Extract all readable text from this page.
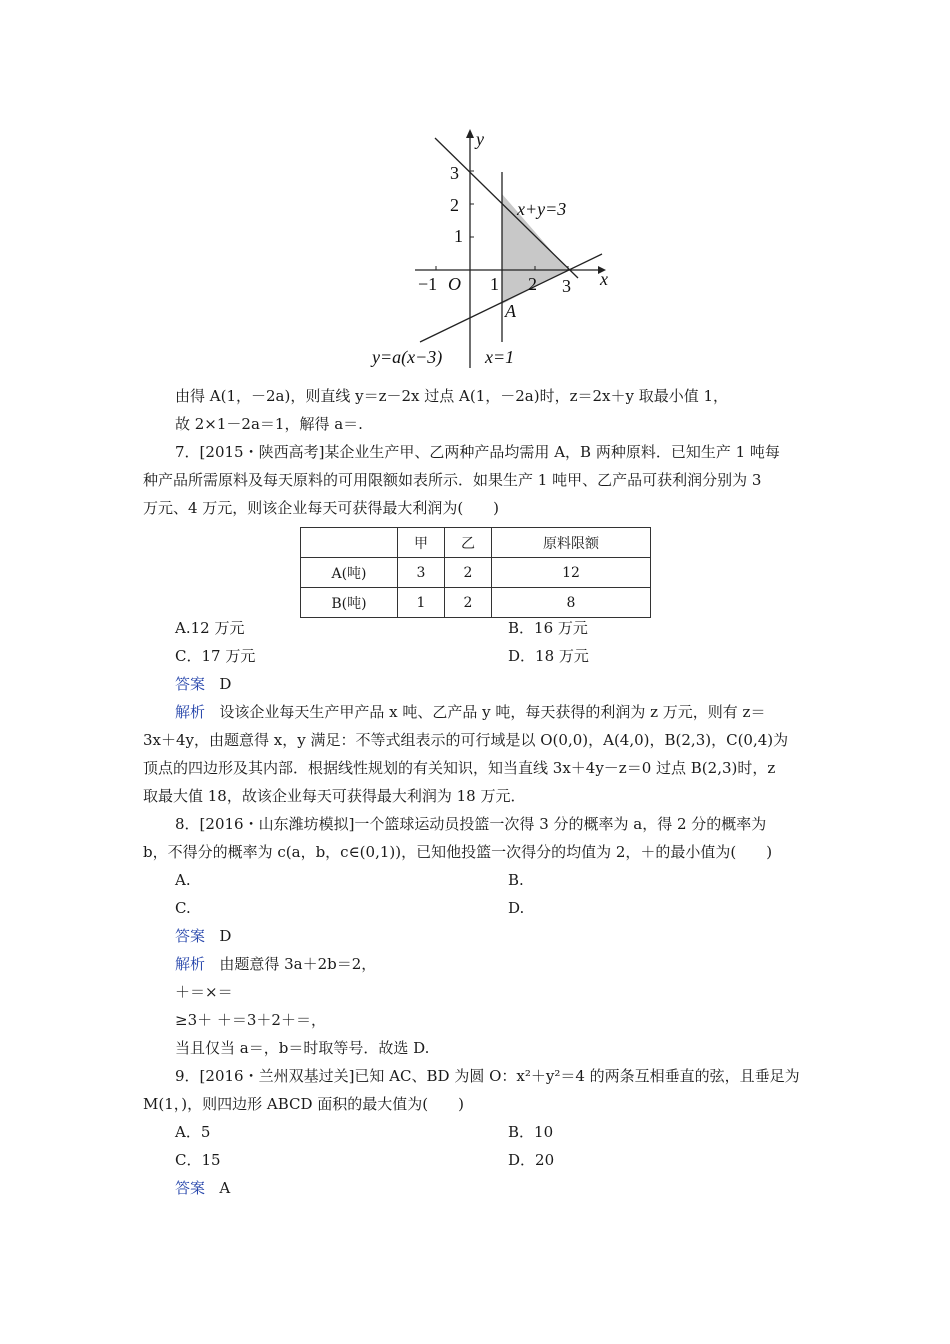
y
x
O
−1	1 2 3
1
2
3
x+y=3
A
y=a(x−3) x=1
由得 A(1，－2a)，则直线 y＝z－2x 过点 A(1，－2a)时，z＝2x＋y 取最小值 1，
故 2×1－2a＝1，解得 a＝.
7．[2015・陕西高考]某企业生产甲、乙两种产品均需用 A，B 两种原料．已知生产 1 吨每
种产品所需原料及每天原料的可用限额如表所示．如果生产 1 吨甲、乙产品可获利润分别为 3
万元、4 万元，则该企业每天可获得最大利润为(　　)
	甲	乙	原料限额
A(吨)	3	2	12
B(吨)	1	2	8
A.12 万元	B．16 万元
C．17 万元	D．18 万元
答案 D
解析 设该企业每天生产甲产品 x 吨、乙产品 y 吨，每天获得的利润为 z 万元，则有 z＝
3x＋4y，由题意得 x，y 满足：不等式组表示的可行域是以 O(0,0)，A(4,0)，B(2,3)，C(0,4)为
顶点的四边形及其内部．根据线性规划的有关知识，知当直线 3x＋4y－z＝0 过点 B(2,3)时，z
取最大值 18，故该企业每天可获得最大利润为 18 万元．
8．[2016・山东潍坊模拟]一个篮球运动员投篮一次得 3 分的概率为 a，得 2 分的概率为
b，不得分的概率为 c(a，b，c∈(0,1))，已知他投篮一次得分的均值为 2，＋的最小值为(　　)
A.	B.
C.	D.
答案 D
解析 由题意得 3a＋2b＝2，
＋＝×＝
≥3＋ ＋＝3＋2＋＝，
当且仅当 a＝，b＝时取等号．故选 D.
9．[2016・兰州双基过关]已知 AC、BD 为圆 O：x²＋y²＝4 的两条互相垂直的弦，且垂足为
M(1，)，则四边形 ABCD 面积的最大值为(　　)
A．5	B．10
C．15	D．20
答案 A
